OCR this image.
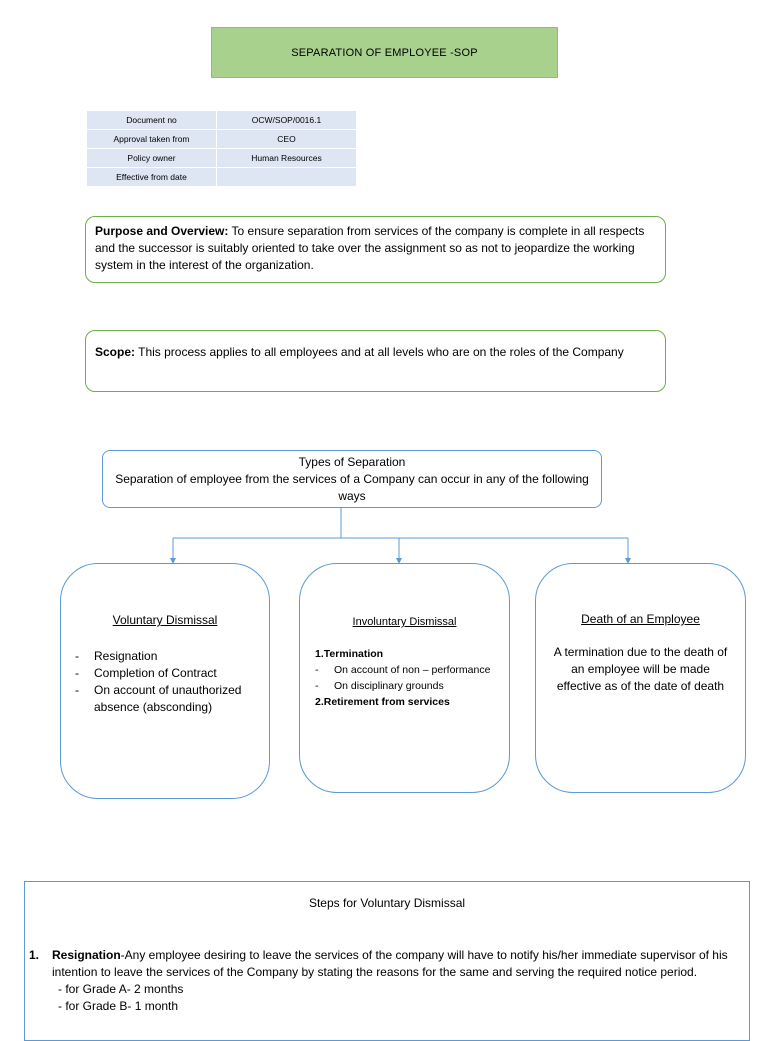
SEPARATION OF EMPLOYEE -SOP
Document no	OCW/SOP/0016.1
Approval taken from	CEO
Policy owner	Human Resources
Effective from date	
Purpose and Overview: To ensure separation from services of the company is complete in all respects and the successor is suitably oriented to take over the assignment so as not to jeopardize the working system in the interest of the organization.
Scope: This process applies to all employees and at all levels who are on the roles of the Company
Types of Separation
Separation of employee from the services of a Company can occur in any of the following ways
Voluntary Dismissal
- Resignation
- Completion of Contract
- On account of unauthorized absence (absconding)
Involuntary Dismissal
1.Termination
- On account of non – performance
- On disciplinary grounds
2.Retirement from services
Death of an Employee
A termination due to the death of an employee will be made effective as of the date of death
Steps for Voluntary Dismissal
1. Resignation-Any employee desiring to leave the services of the company will have to notify his/her immediate supervisor of his intention to leave the services of the Company by stating the reasons for the same and serving the required notice period.
- for Grade A- 2 months
- for Grade B- 1 month
